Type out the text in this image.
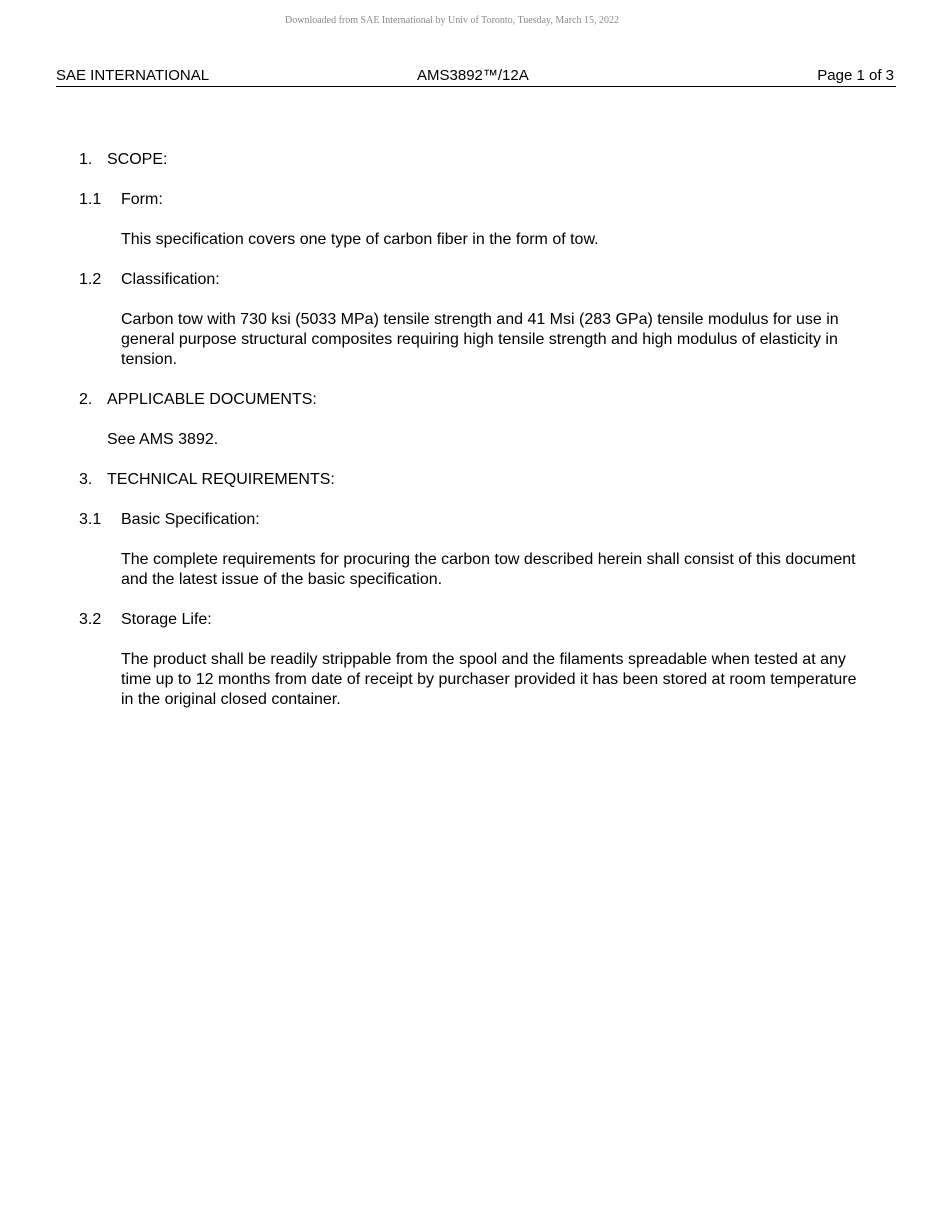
Downloaded from SAE International by Univ of Toronto, Tuesday, March 15, 2022
SAE INTERNATIONAL	AMS3892™/12A	Page 1 of 3
1. SCOPE:
1.1 Form:
This specification covers one type of carbon fiber in the form of tow.
1.2 Classification:
Carbon tow with 730 ksi (5033 MPa) tensile strength and 41 Msi (283 GPa) tensile modulus for use in general purpose structural composites requiring high tensile strength and high modulus of elasticity in tension.
2. APPLICABLE DOCUMENTS:
See AMS 3892.
3. TECHNICAL REQUIREMENTS:
3.1 Basic Specification:
The complete requirements for procuring the carbon tow described herein shall consist of this document and the latest issue of the basic specification.
3.2 Storage Life:
The product shall be readily strippable from the spool and the filaments spreadable when tested at any time up to 12 months from date of receipt by purchaser provided it has been stored at room temperature in the original closed container.
